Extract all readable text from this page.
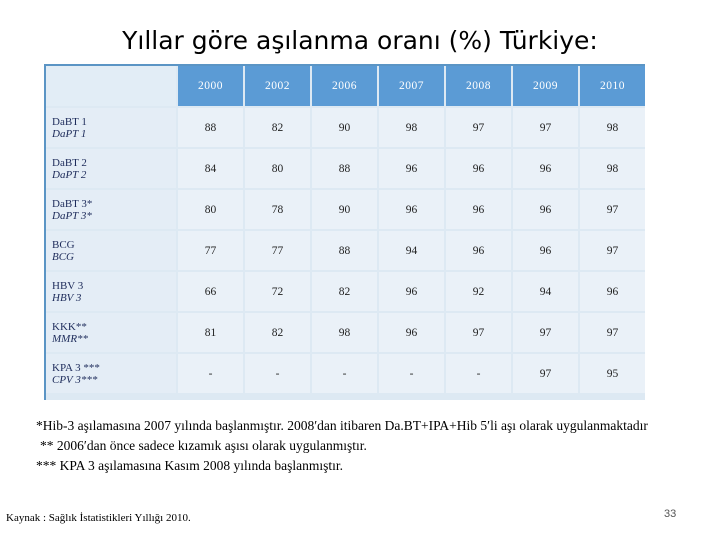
Yıllar göre aşılanma oranı (%) Türkiye:
	2000	2002	2006	2007	2008	2009	2010

DaBT 1
DaPT 1	88	82	90	98	97	97	98

DaBT 2
DaPT 2	84	80	88	96	96	96	98

DaBT 3*
DaPT 3*	80	78	90	96	96	96	97

BCG
BCG	77	77	88	94	96	96	97

HBV 3
HBV 3	66	72	82	96	92	94	96

KKK**
MMR**	81	82	98	96	97	97	97

KPA 3 ***
CPV 3***	-	-	-	-	-	97	95

*Hib-3 aşılamasına 2007 yılında başlanmıştır. 2008′dan itibaren Da.BT+IPA+Hib 5′li aşı olarak uygulanmaktadır

** 2006′dan önce sadece kızamık aşısı olarak uygulanmıştır.

*** KPA 3 aşılamasına Kasım 2008 yılında başlanmıştır.

Kaynak : Sağlık İstatistikleri Yıllığı 2010.	33
